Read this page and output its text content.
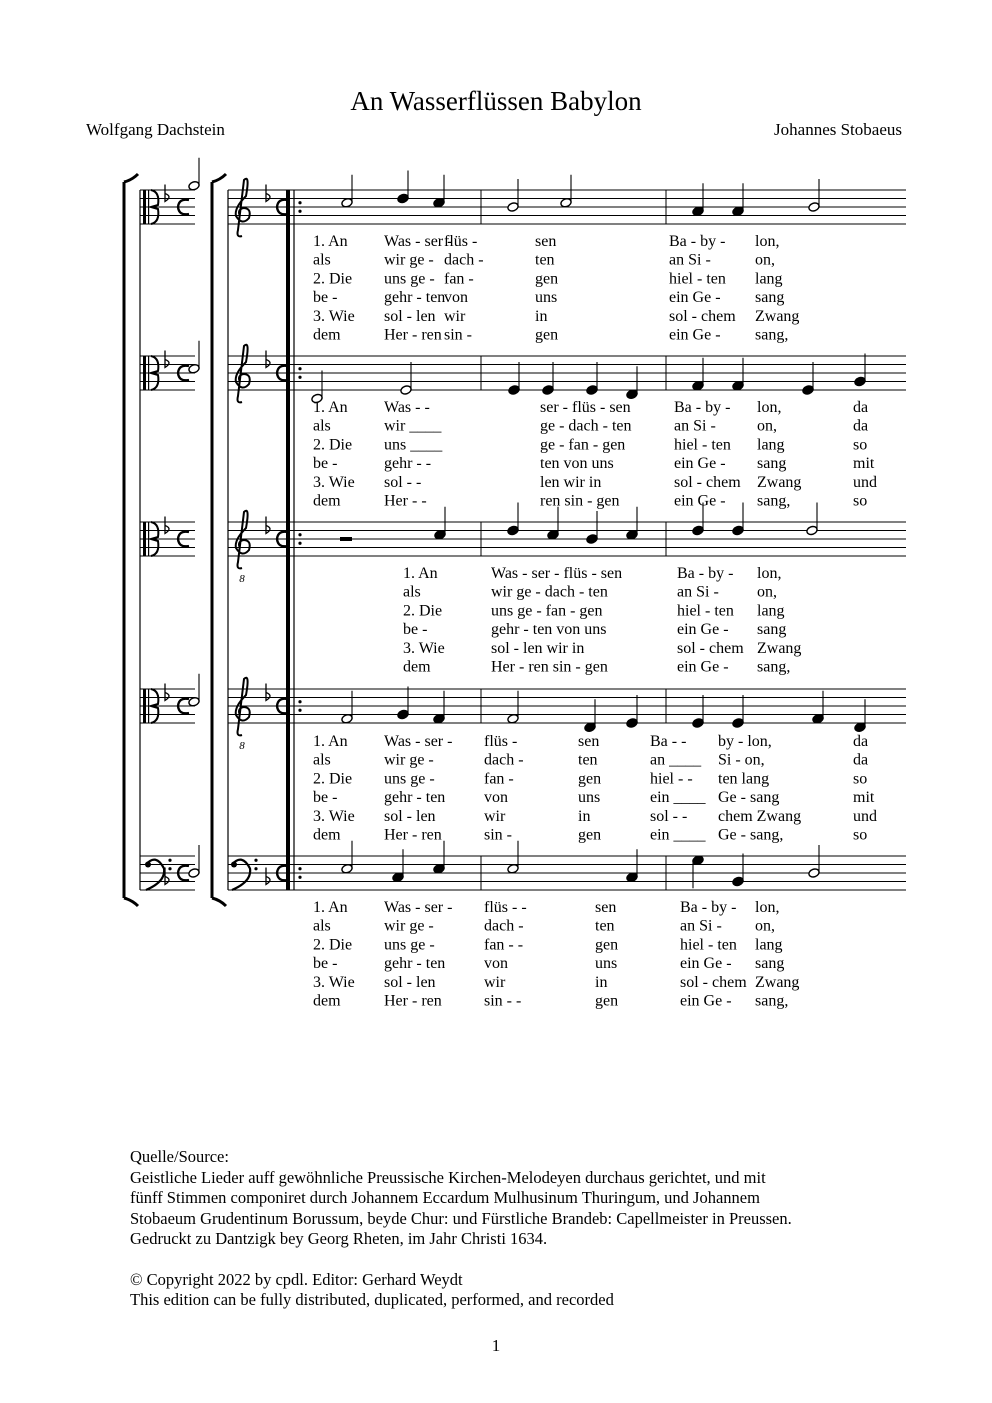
An Wasserflüssen Babylon
Wolfgang Dachstein	Johannes Stobaeus
8
8
1. An Was - ser -
flüs -	sen	Ba - by - lon,
als	wir ge - dach -	ten	an Si -	on,
2. Die uns ge - fan -	gen	hiel - ten lang
be -	gehr - ten
von	uns	ein Ge - sang
3. Wie sol - len wir	in	sol - chem Zwang
dem	Her - ren sin -	gen	ein Ge - sang,
1. An Was - -	ser - flüs - sen	Ba - by - lon,	da
als	wir ____	ge - dach - ten	an Si -	on,	da
2. Die uns ____	ge - fan - gen	hiel - ten lang	so
be -	gehr - -	ten von uns	ein Ge - sang	mit
3. Wie sol - -	len wir in	sol - chem Zwang	und
dem	Her - -	ren sin - gen	ein Ge - sang,	so
1. An	Was - ser - flüs - sen	Ba - by - lon,
als	wir ge - dach - ten	an Si - on,
2. Die	uns ge - fan - gen	hiel - ten lang
be -	gehr - ten von uns	ein Ge - sang
3. Wie	sol - len wir in	sol - chem Zwang
dem	Her - ren sin - gen	ein Ge - sang,
1. An Was - ser - flüs -	sen	Ba - - by - lon,	da
als	wir ge -	dach -	ten	an ____ Si - on,	da
2. Die uns ge -	fan -	gen	hiel - - ten lang	so
be -	gehr - ten von	uns	ein ____ Ge - sang	mit
3. Wie sol - len	wir	in	sol - - chem Zwang	und
dem	Her - ren	sin -	gen	ein ____ Ge - sang,	so
1. An Was - ser - flüs - -	sen	Ba - by - lon,
als	wir ge -	dach -	ten	an Si - on,
2. Die uns ge -	fan - -	gen	hiel - ten lang
be -	gehr - ten von	uns	ein Ge - sang
3. Wie sol - len	wir	in	sol - chem Zwang
dem	Her - ren	sin - -	gen	ein Ge - sang,

Quelle/Source:

Geistliche Lieder auff gewöhnliche Preussische Kirchen-Melodeyen durchaus gerichtet, und mit

fünff Stimmen componiret durch Johannem Eccardum Mulhusinum Thuringum, und Johannem

Stobaeum Grudentinum Borussum, beyde Chur: und Fürstliche Brandeb: Capellmeister in Preussen.

Gedruckt zu Dantzigk bey Georg Rheten, im Jahr Christi 1634.

© Copyright 2022 by cpdl. Editor: Gerhard Weydt

This edition can be fully distributed, duplicated, performed, and recorded

1
